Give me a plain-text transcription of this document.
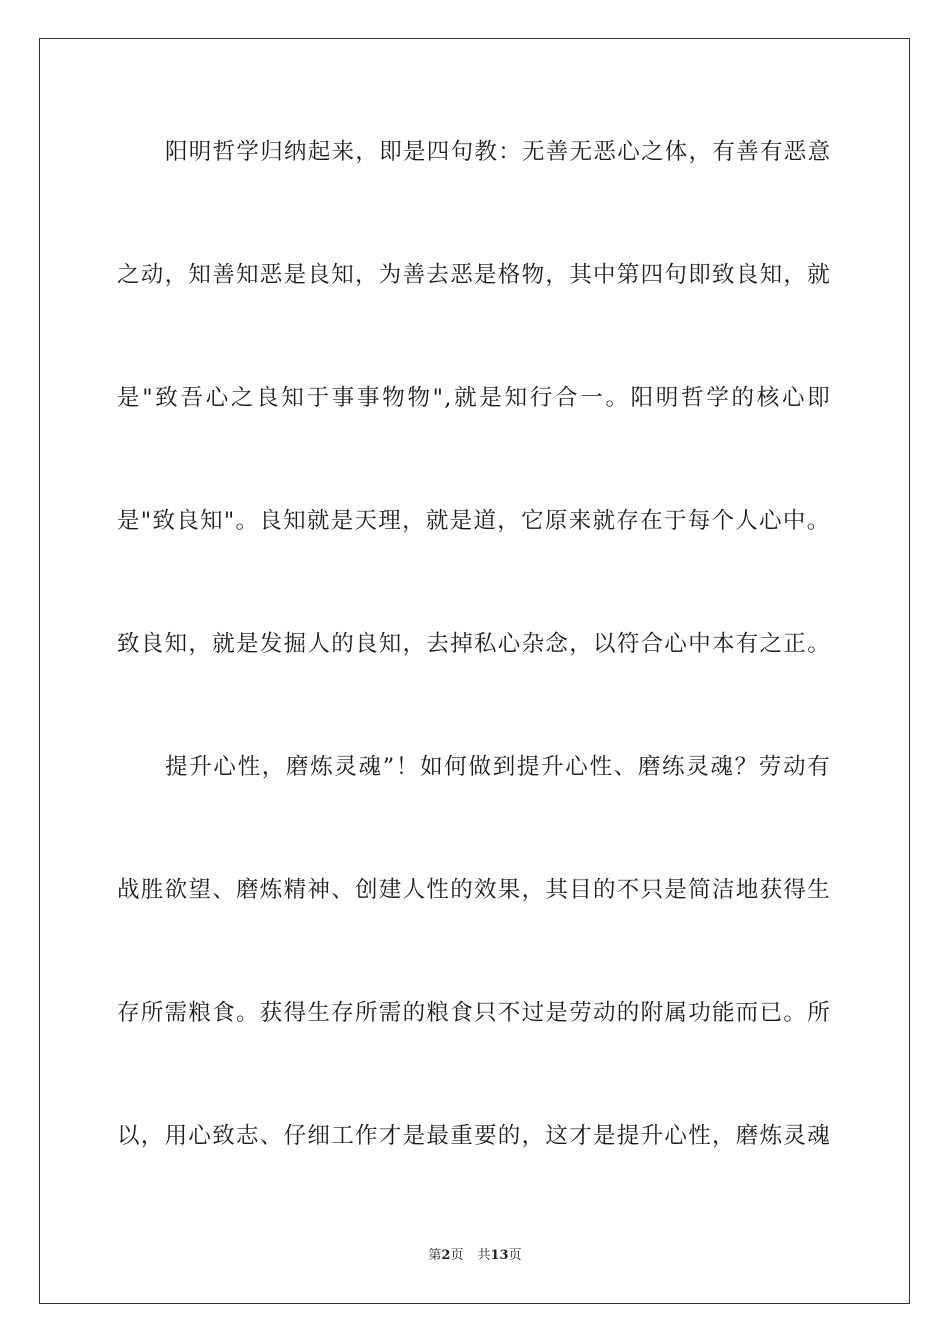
阳明哲学归纳起来，即是四句教：无善无恶心之体，有善有恶意
之动，知善知恶是良知，为善去恶是格物，其中第四句即致良知，就
是"致吾心之良知于事事物物",就是知行合一。阳明哲学的核心即
是"致良知"。良知就是天理，就是道，它原来就存在于每个人心中。
致良知，就是发掘人的良知，去掉私心杂念，以符合心中本有之正。
提升心性，磨炼灵魂”！如何做到提升心性、磨练灵魂？劳动有
战胜欲望、磨炼精神、创建人性的效果，其目的不只是简洁地获得生
存所需粮食。获得生存所需的粮食只不过是劳动的附属功能而已。所
以，用心致志、仔细工作才是最重要的，这才是提升心性，磨炼灵魂
第2页 共13页
